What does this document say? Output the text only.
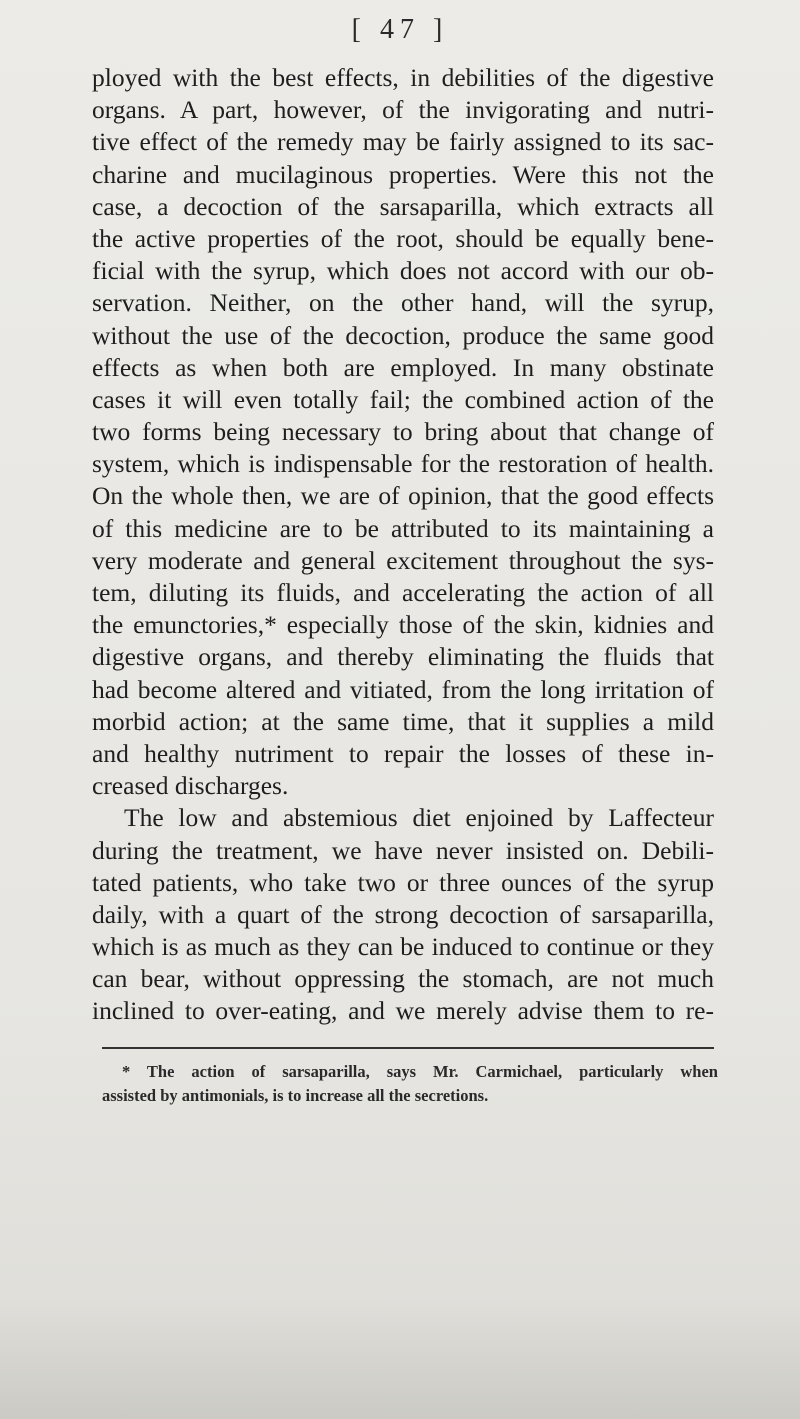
[ 47 ]
ployed with the best effects, in debilities of the digestive
organs. A part, however, of the invigorating and nutri-
tive effect of the remedy may be fairly assigned to its sac-
charine and mucilaginous properties. Were this not the
case, a decoction of the sarsaparilla, which extracts all
the active properties of the root, should be equally bene-
ficial with the syrup, which does not accord with our ob-
servation. Neither, on the other hand, will the syrup,
without the use of the decoction, produce the same good
effects as when both are employed. In many obstinate
cases it will even totally fail; the combined action of the
two forms being necessary to bring about that change of
system, which is indispensable for the restoration of health.
On the whole then, we are of opinion, that the good effects
of this medicine are to be attributed to its maintaining a
very moderate and general excitement throughout the sys-
tem, diluting its fluids, and accelerating the action of all
the emunctories,* especially those of the skin, kidnies and
digestive organs, and thereby eliminating the fluids that
had become altered and vitiated, from the long irritation of
morbid action; at the same time, that it supplies a mild
and healthy nutriment to repair the losses of these in-
creased discharges.
The low and abstemious diet enjoined by Laffecteur
during the treatment, we have never insisted on. Debili-
tated patients, who take two or three ounces of the syrup
daily, with a quart of the strong decoction of sarsaparilla,
which is as much as they can be induced to continue or they
can bear, without oppressing the stomach, are not much
inclined to over-eating, and we merely advise them to re-
* The action of sarsaparilla, says Mr. Carmichael, particularly when
assisted by antimonials, is to increase all the secretions.
